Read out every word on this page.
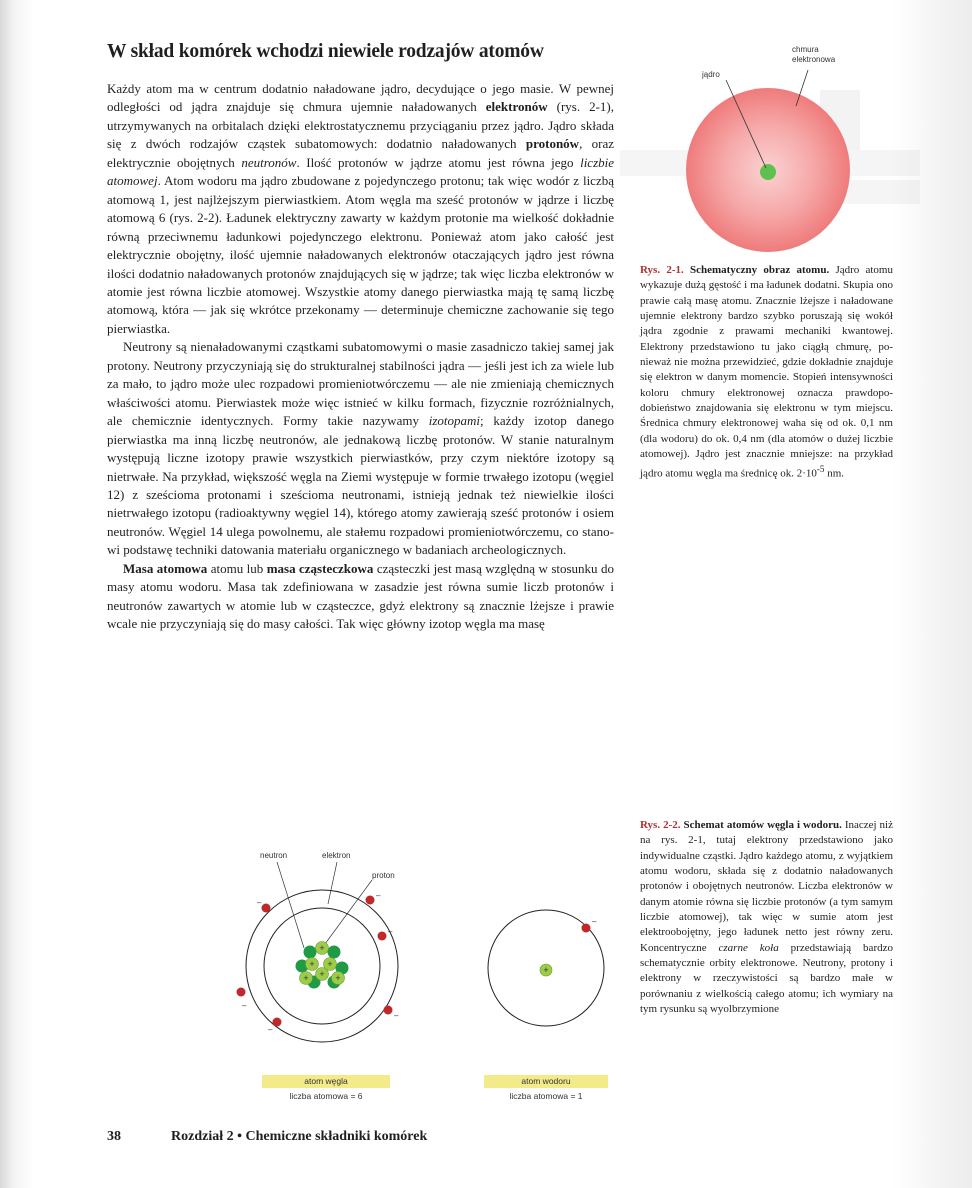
W skład komórek wchodzi niewiele rodzajów atomów

Każdy atom ma w centrum dodatnio naładowane jądro, decydujące o jego masie. W pewnej odległości od jądra znajduje się chmura ujemnie naładowanych elektronów (rys. 2-1), utrzymywanych na orbitalach dzięki elektrostatycznemu przyciąganiu przez jądro. Jądro składa się z dwóch rodzajów cząstek subatomowych: dodatnio naładowanych protonów, oraz elektrycznie obojętnych neutronów. Ilość protonów w jądrze atomu jest równa jego liczbie atomowej. Atom wodoru ma jądro zbudowane z pojedynczego protonu; tak więc wodór z liczbą atomową 1, jest najlżejszym pierwiastkiem. Atom węgla ma sześć protonów w jądrze i liczbę atomową 6 (rys. 2-2). Ładunek elektryczny zawarty w każdym protonie ma wielkość dokładnie równą przeciwnemu ładunkowi pojedynczego elektronu. Ponieważ atom jako całość jest elektrycznie obojętny, ilość ujemnie naładowanych elektronów otaczających jądro jest równa ilości dodatnio naładowanych protonów znajdujących się w jądrze; tak więc liczba elektronów w atomie jest równa liczbie atomowej. Wszystkie atomy danego pierwiastka mają tę samą liczbę atomową, która — jak się wkrótce przekonamy — determinuje chemiczne zachowanie się tego pierwiastka.

Neutrony są nienaładowanymi cząstkami subatomowymi o masie zasadniczo takiej samej jak protony. Neutrony przyczyniają się do strukturalnej stabilności jądra — jeśli jest ich za wiele lub za mało, to jądro może ulec rozpadowi promieniotwórczemu — ale nie zmieniają chemicznych właściwości atomu. Pierwiastek może więc istnieć w kilku formach, fizycznie rozróżnialnych, ale chemicznie identycznych. Formy takie nazywamy izotopami; każdy izotop danego pierwiastka ma inną liczbę neutronów, ale jednakową liczbę protonów. W stanie naturalnym występują liczne izotopy prawie wszystkich pierwiastków, przy czym niektóre izotopy są nietrwałe. Na przykład, większość węgla na Ziemi występuje w formie trwałego izotopu (węgiel 12) z sześcioma protonami i sześcioma neutronami, istnieją jednak też niewielkie ilości nietrwałego izotopu (radioaktywny węgiel 14), którego atomy zawierają sześć protonów i osiem neutronów. Węgiel 14 ulega powolnemu, ale stałemu rozpadowi promieniotwórczemu, co stanowi podstawę techniki datowania materiału organicznego w badaniach archeologicznych.

Masa atomowa atomu lub masa cząsteczkowa cząsteczki jest masą względną w stosunku do masy atomu wodoru. Masa tak zdefiniowana w zasadzie jest równa sumie liczb protonów i neutronów zawartych w atomie lub w cząsteczce, gdyż elektrony są znacznie lżejsze i prawie wcale nie przyczyniają się do masy całości. Tak więc główny izotop węgla ma masę

jądro
chmura
elektronowa

Rys. 2-1. Schematyczny obraz atomu. Jądro atomu wykazuje dużą gęstość i ma ładunek dodatni. Skupia ono prawie całą masę atomu. Znacznie lżejsze i naładowane ujemnie elektrony bardzo szybko poruszają się wokół jądra zgodnie z prawami mechaniki kwantowej. Elektrony przedstawiono tu jako ciągłą chmurę, ponieważ nie można przewidzieć, gdzie dokładnie znajduje się elektron w danym momencie. Stopień intensywności koloru chmury elektronowej oznacza prawdopodobieństwo znajdowania się elektronu w tym miejscu. Średnica chmury elektronowej waha się od ok. 0,1 nm (dla wodoru) do ok. 0,4 nm (dla atomów o dużej liczbie atomowej). Jądro jest znacznie mniejsze: na przykład jądro atomu węgla ma średnicę ok. $2\cdot 10^{-5}$ nm.

neutron	elektron
proton
–
–
–
–
–
–
+
+ +
+
+	+
–
+
atom węgla
liczba atomowa = 6
atom wodoru
liczba atomowa = 1

Rys. 2-2. Schemat atomów węgla i wodoru. Inaczej niż na rys. 2-1, tutaj elektrony przedstawiono jako indywidualne cząstki. Jądro każdego atomu, z wyjątkiem atomu wodoru, składa się z dodatnio naładowanych protonów i obojętnych neutronów. Liczba elektronów w danym atomie równa się liczbie protonów (a tym samym liczbie atomowej), tak więc w sumie atom jest elektroobojętny, jego ładunek netto jest równy zeru. Koncentryczne czarne koła przedstawiają bardzo schematycznie orbity elektronowe. Neutrony, protony i elektrony w rzeczywistości są bardzo małe w porównaniu z wielkością całego atomu; ich wymiary na tym rysunku są wyolbrzymione

38	Rozdział 2 • Chemiczne składniki komórek
